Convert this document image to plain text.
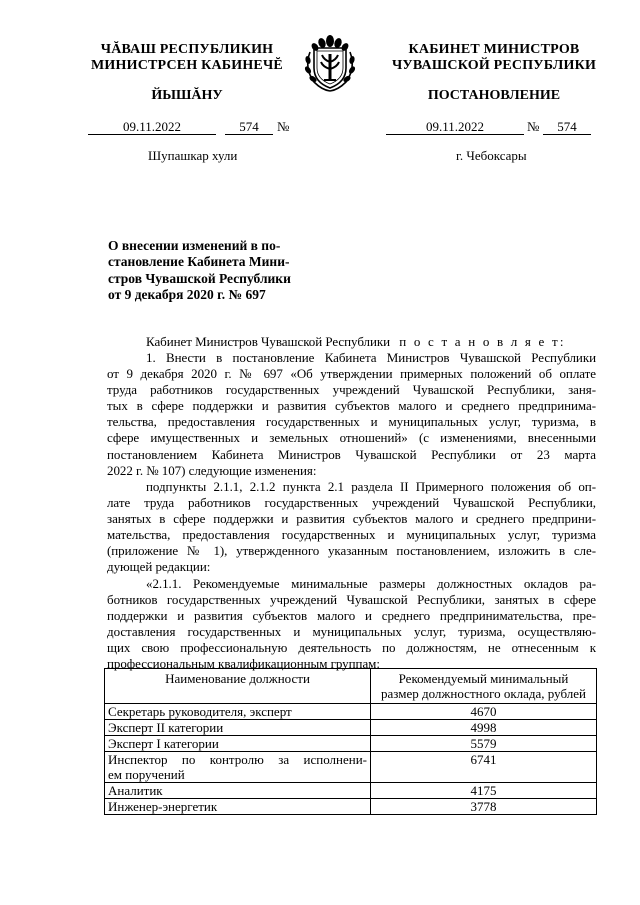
ЧĂВАШ РЕСПУБЛИКИН
МИНИСТРСЕН КАБИНЕЧĔ
ЙЫШĂНУ
КАБИНЕТ МИНИСТРОВ
ЧУВАШСКОЙ РЕСПУБЛИКИ
ПОСТАНОВЛЕНИЕ
09.11.2022	574	№	09.11.2022	№	574
Шупашкар хули	г. Чебоксары
О внесении изменений в по-
становление Кабинета Мини-
стров Чувашской Республики
от 9 декабря 2020 г. № 697
Кабинет Министров Чувашской Республики п о с т а н о в л я е т:
1. Внести в постановление Кабинета Министров Чувашской Республики
от 9 декабря 2020 г. № 697 «Об утверждении примерных положений об оплате
труда работников государственных учреждений Чувашской Республики, заня-
тых в сфере поддержки и развития субъектов малого и среднего предпринима-
тельства, предоставления государственных и муниципальных услуг, туризма, в
сфере имущественных и земельных отношений» (с изменениями, внесенными
постановлением Кабинета Министров Чувашской Республики от 23 марта
2022 г. № 107) следующие изменения:
подпункты 2.1.1, 2.1.2 пункта 2.1 раздела II Примерного положения об оп-
лате труда работников государственных учреждений Чувашской Республики,
занятых в сфере поддержки и развития субъектов малого и среднего предприни-
мательства, предоставления государственных и муниципальных услуг, туризма
(приложение № 1), утвержденного указанным постановлением, изложить в сле-
дующей редакции:
«2.1.1. Рекомендуемые минимальные размеры должностных окладов ра-
ботников государственных учреждений Чувашской Республики, занятых в сфере
поддержки и развития субъектов малого и среднего предпринимательства, пре-
доставления государственных и муниципальных услуг, туризма, осуществляю-
щих свою профессиональную деятельность по должностям, не отнесенным к
профессиональным квалификационным группам:
Наименование должности	Рекомендуемый минимальный
размер должностного оклада, рублей

Секретарь руководителя, эксперт	4670
Эксперт II категории	4998
Эксперт I категории	5579

Инспектор по контролю за исполнени-
ем поручений	6741
Аналитик	4175
Инженер-энергетик	3778
